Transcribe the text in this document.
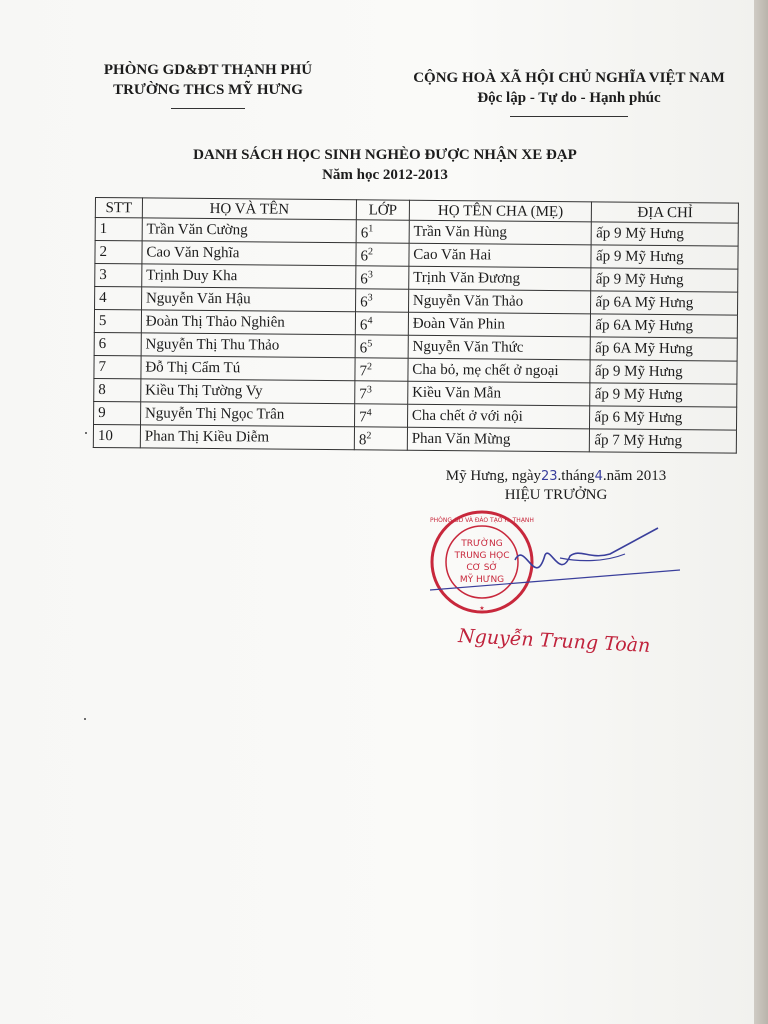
PHÒNG GD&ĐT THẠNH PHÚ
TRƯỜNG THCS MỸ HƯNG
CỘNG HOÀ XÃ HỘI CHỦ NGHĨA VIỆT NAM
Độc lập - Tự do - Hạnh phúc
DANH SÁCH HỌC SINH NGHÈO ĐƯỢC NHẬN XE ĐẠP
Năm học 2012-2013
STT	HỌ VÀ TÊN	LỚP	HỌ TÊN CHA (MẸ)	ĐỊA CHỈ
1	Trần Văn Cường	$6^1$	Trần Văn Hùng	ấp 9 Mỹ Hưng
2	Cao Văn Nghĩa	$6^2$	Cao Văn Hai	ấp 9 Mỹ Hưng
3	Trịnh Duy Kha	$6^3$	Trịnh Văn Đương	ấp 9 Mỹ Hưng
4	Nguyễn Văn Hậu	$6^3$	Nguyễn Văn Thảo	ấp 6A Mỹ Hưng
5	Đoàn Thị Thảo Nghiên	$6^4$	Đoàn Văn Phin	ấp 6A Mỹ Hưng
6	Nguyễn Thị Thu Thảo	$6^5$	Nguyễn Văn Thức	ấp 6A Mỹ Hưng
7	Đỗ Thị Cẩm Tú	$7^2$	Cha bỏ, mẹ chết ở ngoại	ấp 9 Mỹ Hưng
8	Kiều Thị Tường Vy	$7^3$	Kiều Văn Mẫn	ấp 9 Mỹ Hưng
9	Nguyễn Thị Ngọc Trân	$7^4$	Cha chết ở với nội	ấp 6 Mỹ Hưng
10	Phan Thị Kiều Diễm	$8^2$	Phan Văn Mừng	ấp 7 Mỹ Hưng
Mỹ Hưng, ngày23.tháng4.năm 2013
HIỆU TRƯỞNG
TRƯỜNG
TRUNG HỌC
CƠ SỞ
MỸ HƯNG
PHÒNG GD VÀ ĐÀO TẠO H. THẠNH
★
Nguyễn Trung Toàn
